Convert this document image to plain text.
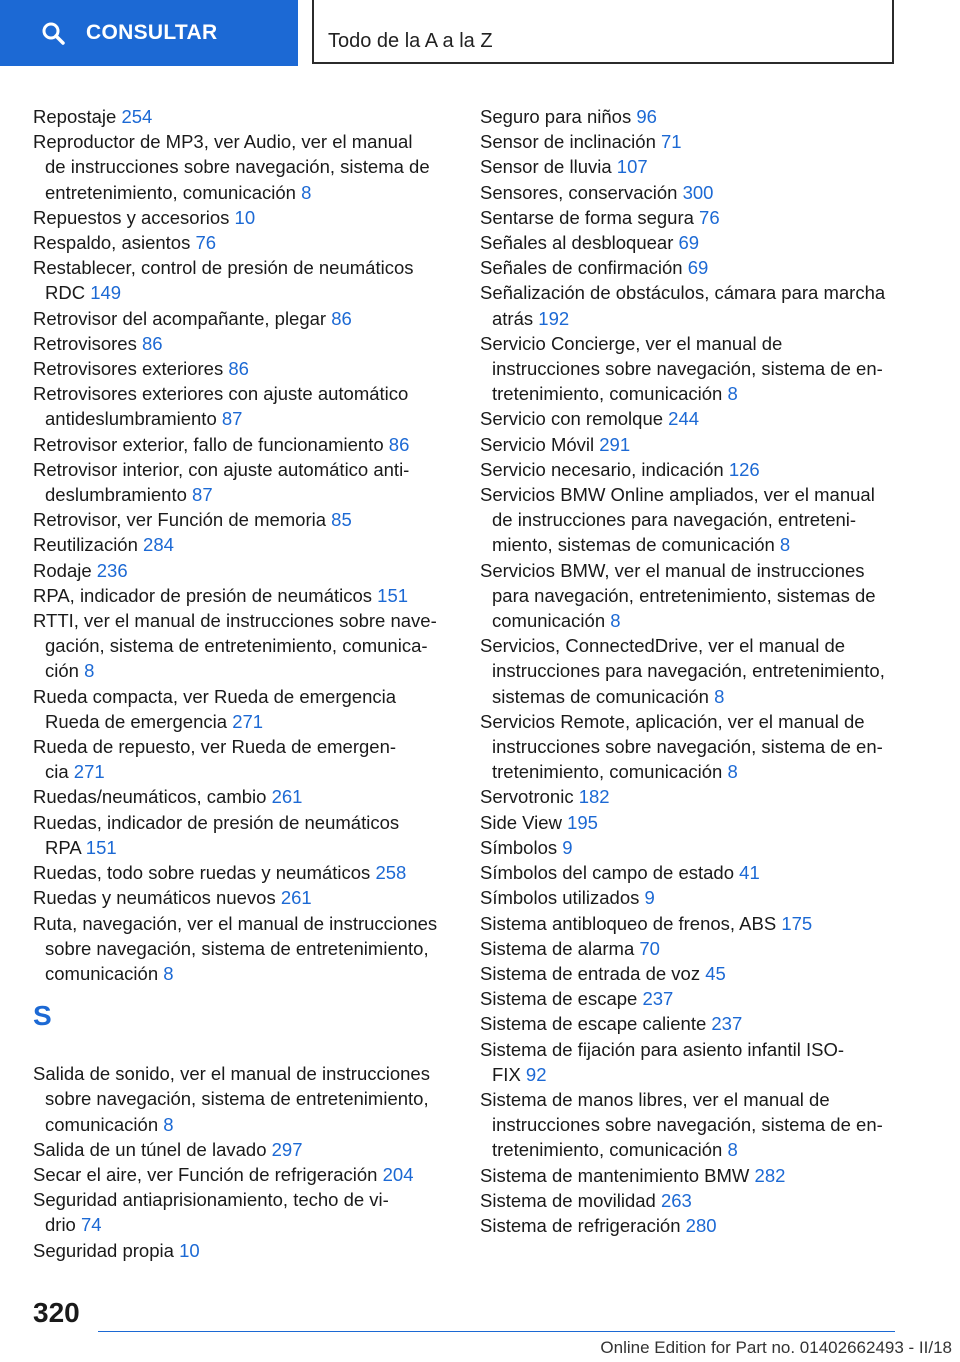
CONSULTAR	Todo de la A a la Z
Repostaje 254
Reproductor de MP3, ver Audio, ver el manual
de instrucciones sobre navegación, sistema de
entretenimiento, comunicación 8
Repuestos y accesorios 10
Respaldo, asientos 76
Restablecer, control de presión de neumáticos
RDC 149
Retrovisor del acompañante, plegar 86
Retrovisores 86
Retrovisores exteriores 86
Retrovisores exteriores con ajuste automático
antideslumbramiento 87
Retrovisor exterior, fallo de funcionamiento 86
Retrovisor interior, con ajuste automático anti-
deslumbramiento 87
Retrovisor, ver Función de memoria 85
Reutilización 284
Rodaje 236
RPA, indicador de presión de neumáticos 151
RTTI, ver el manual de instrucciones sobre nave-
gación, sistema de entretenimiento, comunica-
ción 8
Rueda compacta, ver Rueda de emergencia
Rueda de emergencia 271
Rueda de repuesto, ver Rueda de emergen-
cia 271
Ruedas/neumáticos, cambio 261
Ruedas, indicador de presión de neumáticos
RPA 151
Ruedas, todo sobre ruedas y neumáticos 258
Ruedas y neumáticos nuevos 261
Ruta, navegación, ver el manual de instrucciones
sobre navegación, sistema de entretenimiento,
comunicación 8
S
Salida de sonido, ver el manual de instrucciones
sobre navegación, sistema de entretenimiento,
comunicación 8
Salida de un túnel de lavado 297
Secar el aire, ver Función de refrigeración 204
Seguridad antiaprisionamiento, techo de vi-
drio 74
Seguridad propia 10
Seguro para niños 96
Sensor de inclinación 71
Sensor de lluvia 107
Sensores, conservación 300
Sentarse de forma segura 76
Señales al desbloquear 69
Señales de confirmación 69
Señalización de obstáculos, cámara para marcha
atrás 192
Servicio Concierge, ver el manual de
instrucciones sobre navegación, sistema de en-
tretenimiento, comunicación 8
Servicio con remolque 244
Servicio Móvil 291
Servicio necesario, indicación 126
Servicios BMW Online ampliados, ver el manual
de instrucciones para navegación, entreteni-
miento, sistemas de comunicación 8
Servicios BMW, ver el manual de instrucciones
para navegación, entretenimiento, sistemas de
comunicación 8
Servicios, ConnectedDrive, ver el manual de
instrucciones para navegación, entretenimiento,
sistemas de comunicación 8
Servicios Remote, aplicación, ver el manual de
instrucciones sobre navegación, sistema de en-
tretenimiento, comunicación 8
Servotronic 182
Side View 195
Símbolos 9
Símbolos del campo de estado 41
Símbolos utilizados 9
Sistema antibloqueo de frenos, ABS 175
Sistema de alarma 70
Sistema de entrada de voz 45
Sistema de escape 237
Sistema de escape caliente 237
Sistema de fijación para asiento infantil ISO-
FIX 92
Sistema de manos libres, ver el manual de
instrucciones sobre navegación, sistema de en-
tretenimiento, comunicación 8
Sistema de mantenimiento BMW 282
Sistema de movilidad 263
Sistema de refrigeración 280
320
Online Edition for Part no. 01402662493 - II/18
